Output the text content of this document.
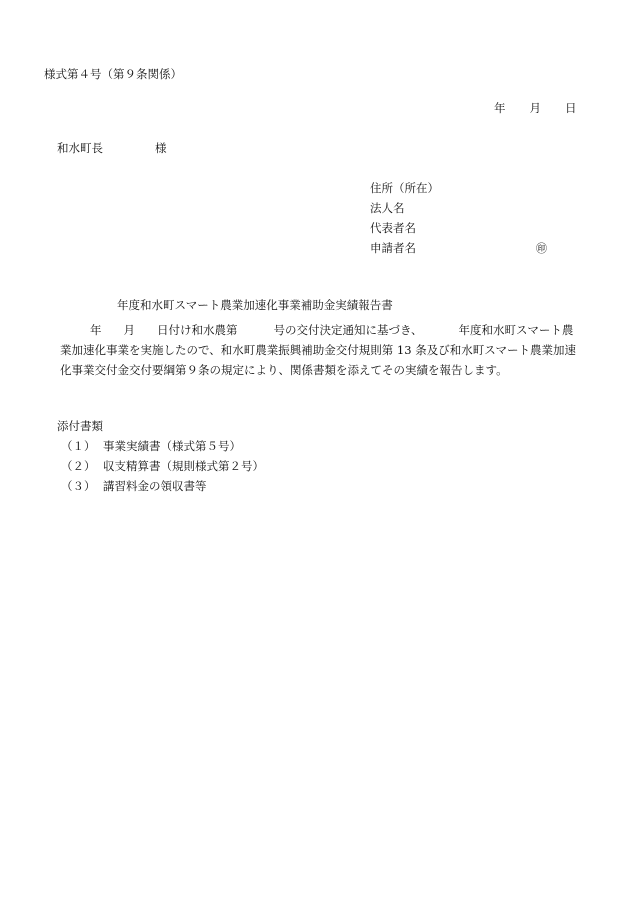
様式第４号（第９条関係）
年 月 日
和水町長	様
住所（所在）
法人名
代表者名
申請者名	㊞
年度和水町スマート農業加速化事業補助金実績報告書

年 月 日付け和水農第	号の交付決定通知に基づき、	年度和水町スマート農

業加速化事業を実施したので、和水町農業振興補助金交付規則第 13 条及び和水町スマート農業加速化事業交付金交付要綱第９条の規定により、関係書類を添えてその実績を報告します。

添付書類
（１） 事業実績書（様式第５号）
（２） 収支精算書（規則様式第２号）
（３） 講習料金の領収書等
